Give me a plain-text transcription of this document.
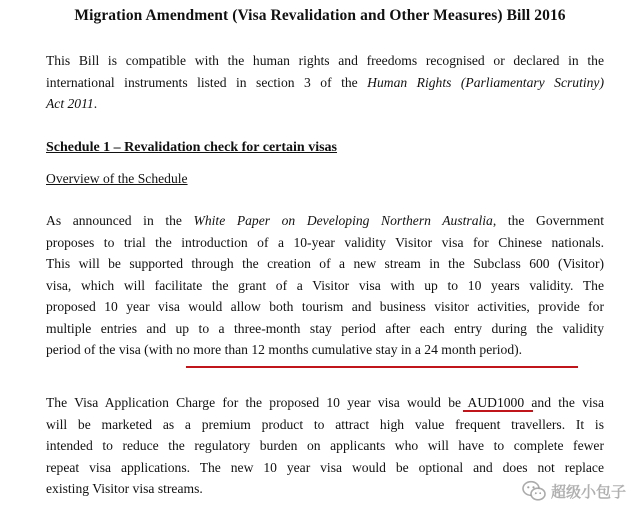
Migration Amendment (Visa Revalidation and Other Measures) Bill 2016
This Bill is compatible with the human rights and freedoms recognised or declared in the
international instruments listed in section 3 of the Human Rights (Parliamentary Scrutiny)
Act 2011.
Schedule 1 – Revalidation check for certain visas
Overview of the Schedule
As announced in the White Paper on Developing Northern Australia, the Government
proposes to trial the introduction of a 10-year validity Visitor visa for Chinese nationals.
This will be supported through the creation of a new stream in the Subclass 600 (Visitor)
visa, which will facilitate the grant of a Visitor visa with up to 10 years validity. The
proposed 10 year visa would allow both tourism and business visitor activities, provide for
multiple entries and up to a three-month stay period after each entry during the validity
period of the visa (with no more than 12 months cumulative stay in a 24 month period).
The Visa Application Charge for the proposed 10 year visa would be AUD1000 and the visa
will be marketed as a premium product to attract high value frequent travellers. It is
intended to reduce the regulatory burden on applicants who will have to complete fewer
repeat visa applications. The new 10 year visa would be optional and does not replace
existing Visitor visa streams.	超级小包子
